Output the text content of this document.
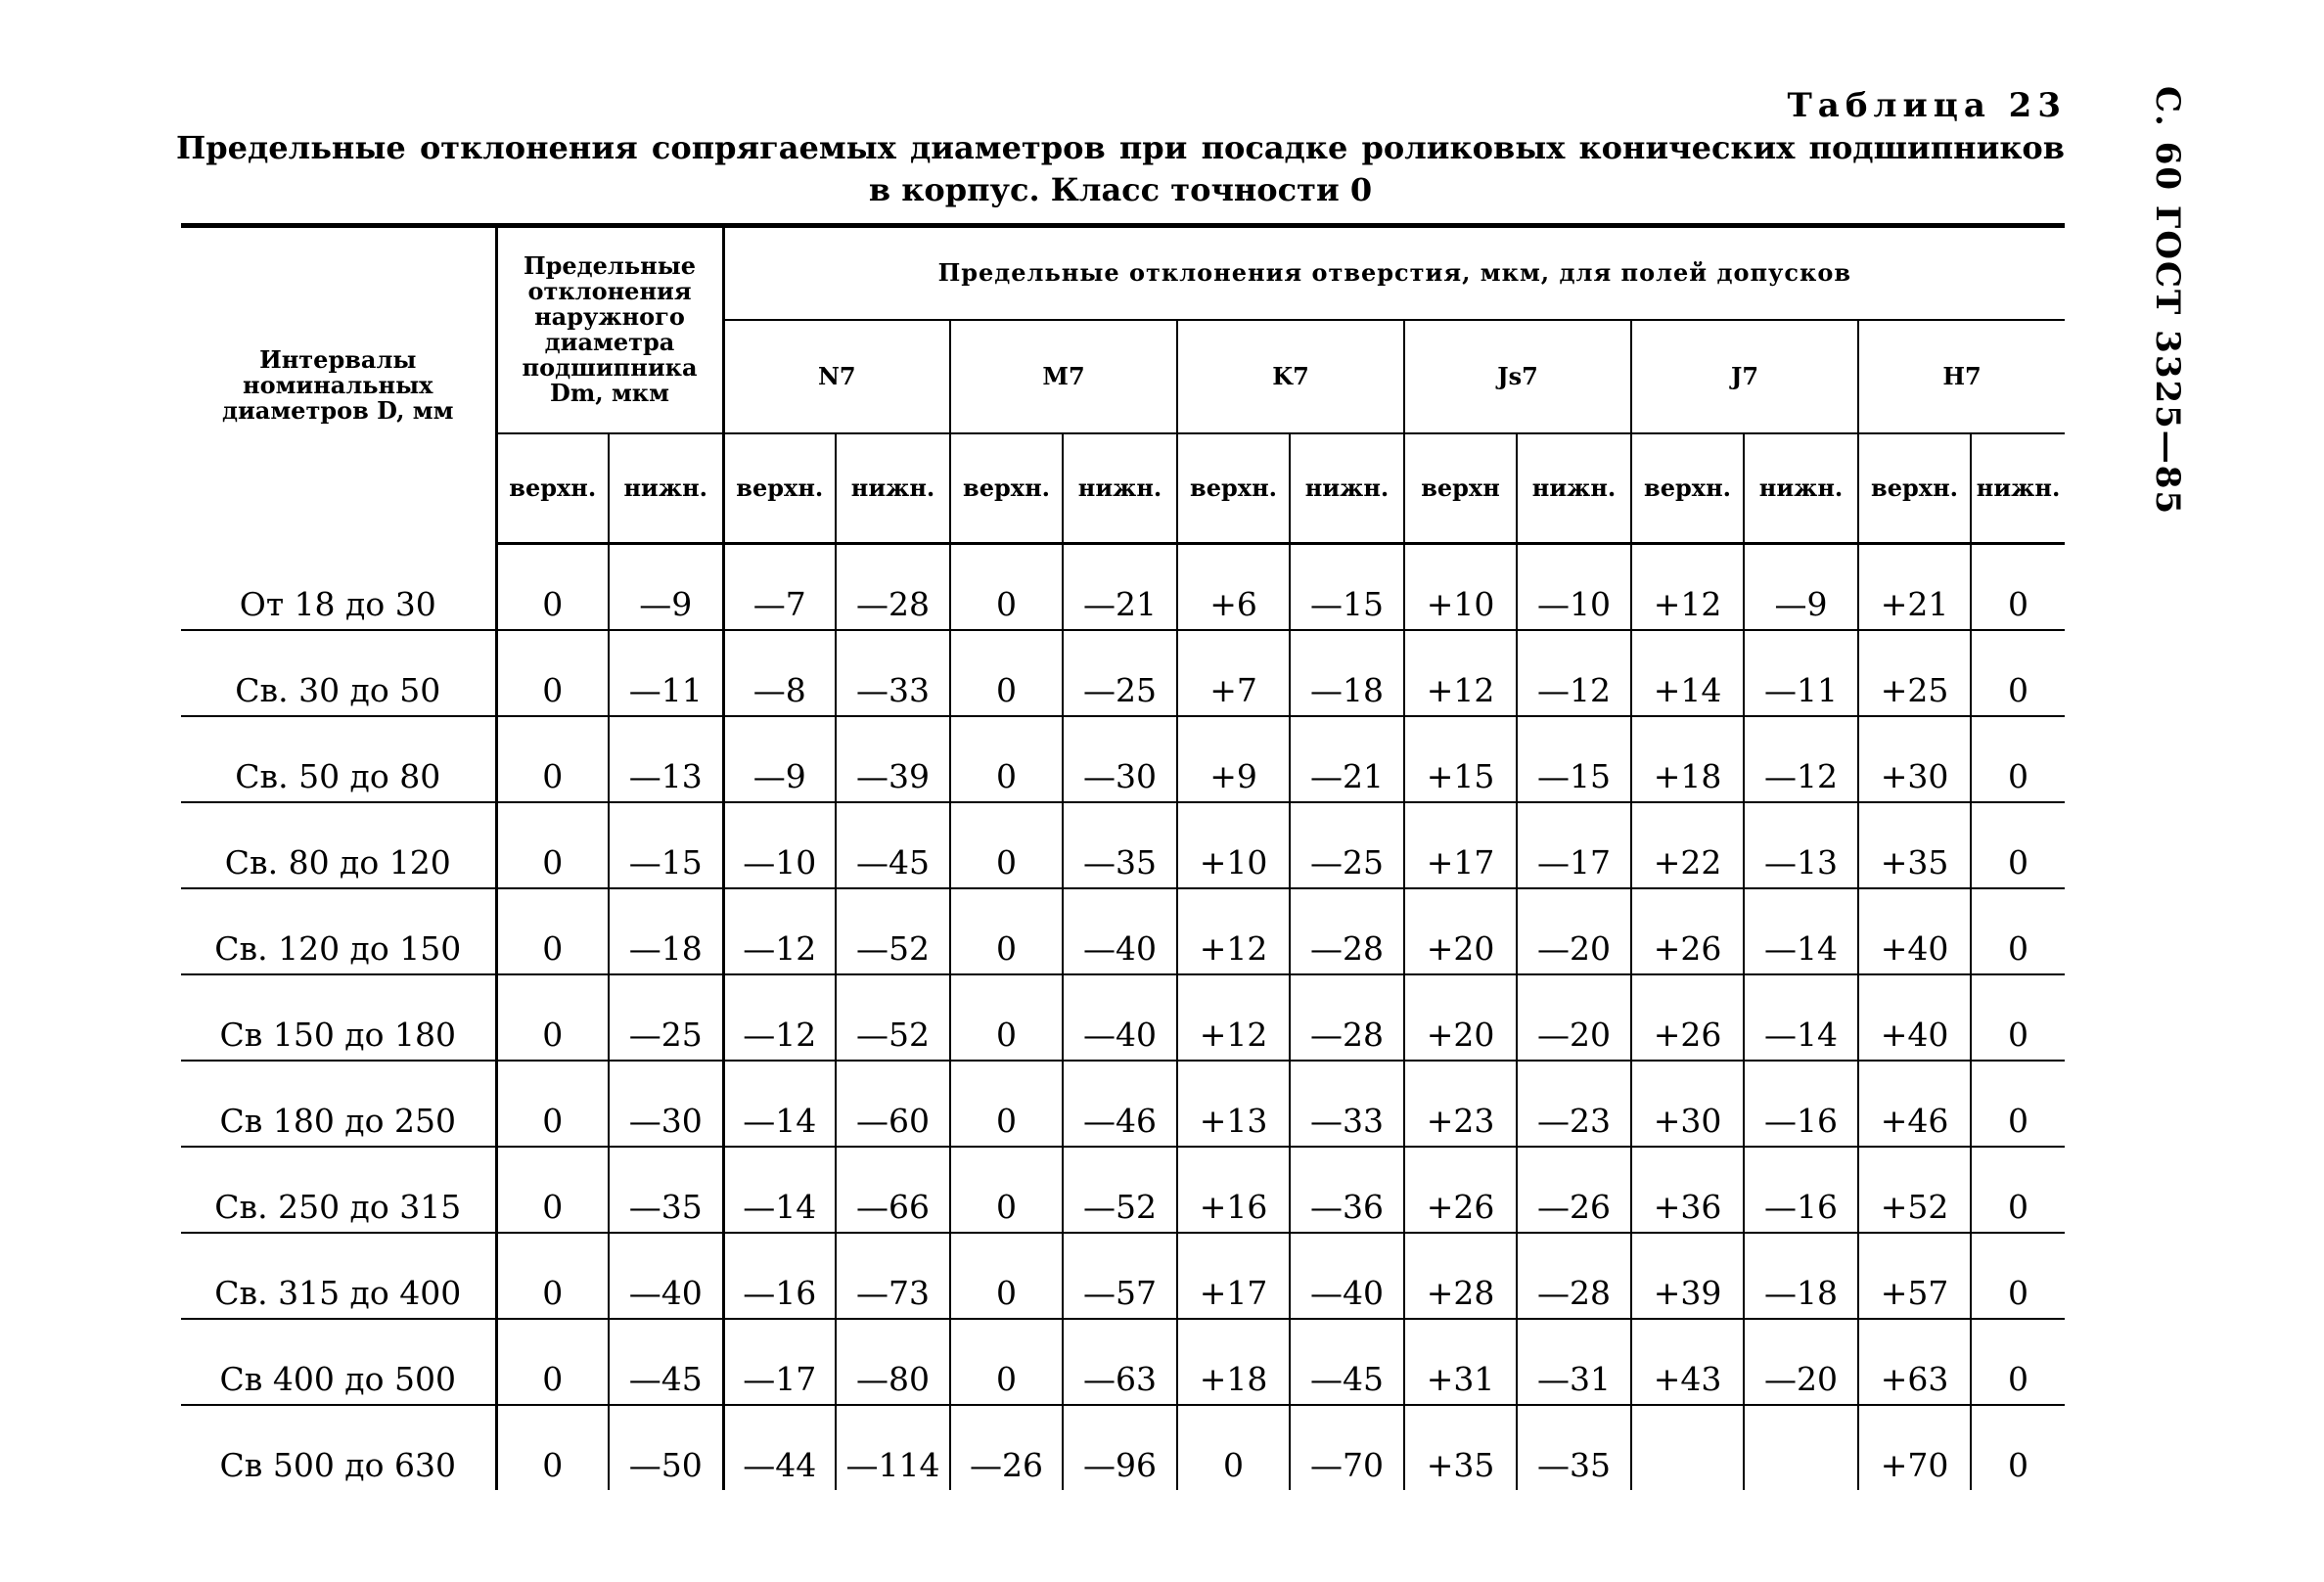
Таблица 23 С. 60 ГОСТ 3325—85
Предельные отклонения сопрягаемых диаметров при посадке роликовых конических подшипников в корпус. Класс точности 0
Интервалы номинальных диаметров D, мм	Предельные отклонения наружного диаметра подшипника Dm, мкм		Предельные отклонения отверстия, мкм, для полей допусков											
			N7		M7		K7		Js7		J7		H7	
	верхн.	нижн.	верхн.	нижн.	верхн.	нижн.	верхн.	нижн.	верхн	нижн.	верхн.	нижн.	верхн.	нижн.
От 18 до 30	0	—9	—7	—28	0	—21	+6	—15	+10	—10	+12	—9	+21	0
Св. 30 до 50	0	—11	—8	—33	0	—25	+7	—18	+12	—12	+14	—11	+25	0
Св. 50 до 80	0	—13	—9	—39	0	—30	+9	—21	+15	—15	+18	—12	+30	0
Св. 80 до 120	0	—15	—10	—45	0	—35	+10	—25	+17	—17	+22	—13	+35	0
Св. 120 до 150	0	—18	—12	—52	0	—40	+12	—28	+20	—20	+26	—14	+40	0
Св 150 до 180	0	—25	—12	—52	0	—40	+12	—28	+20	—20	+26	—14	+40	0
Св 180 до 250	0	—30	—14	—60	0	—46	+13	—33	+23	—23	+30	—16	+46	0
Св. 250 до 315	0	—35	—14	—66	0	—52	+16	—36	+26	—26	+36	—16	+52	0
Св. 315 до 400	0	—40	—16	—73	0	—57	+17	—40	+28	—28	+39	—18	+57	0
Св 400 до 500	0	—45	—17	—80	0	—63	+18	—45	+31	—31	+43	—20	+63	0
Св 500 до 630	0	—50	—44	—114	—26	—96	0	—70	+35	—35			+70	0
